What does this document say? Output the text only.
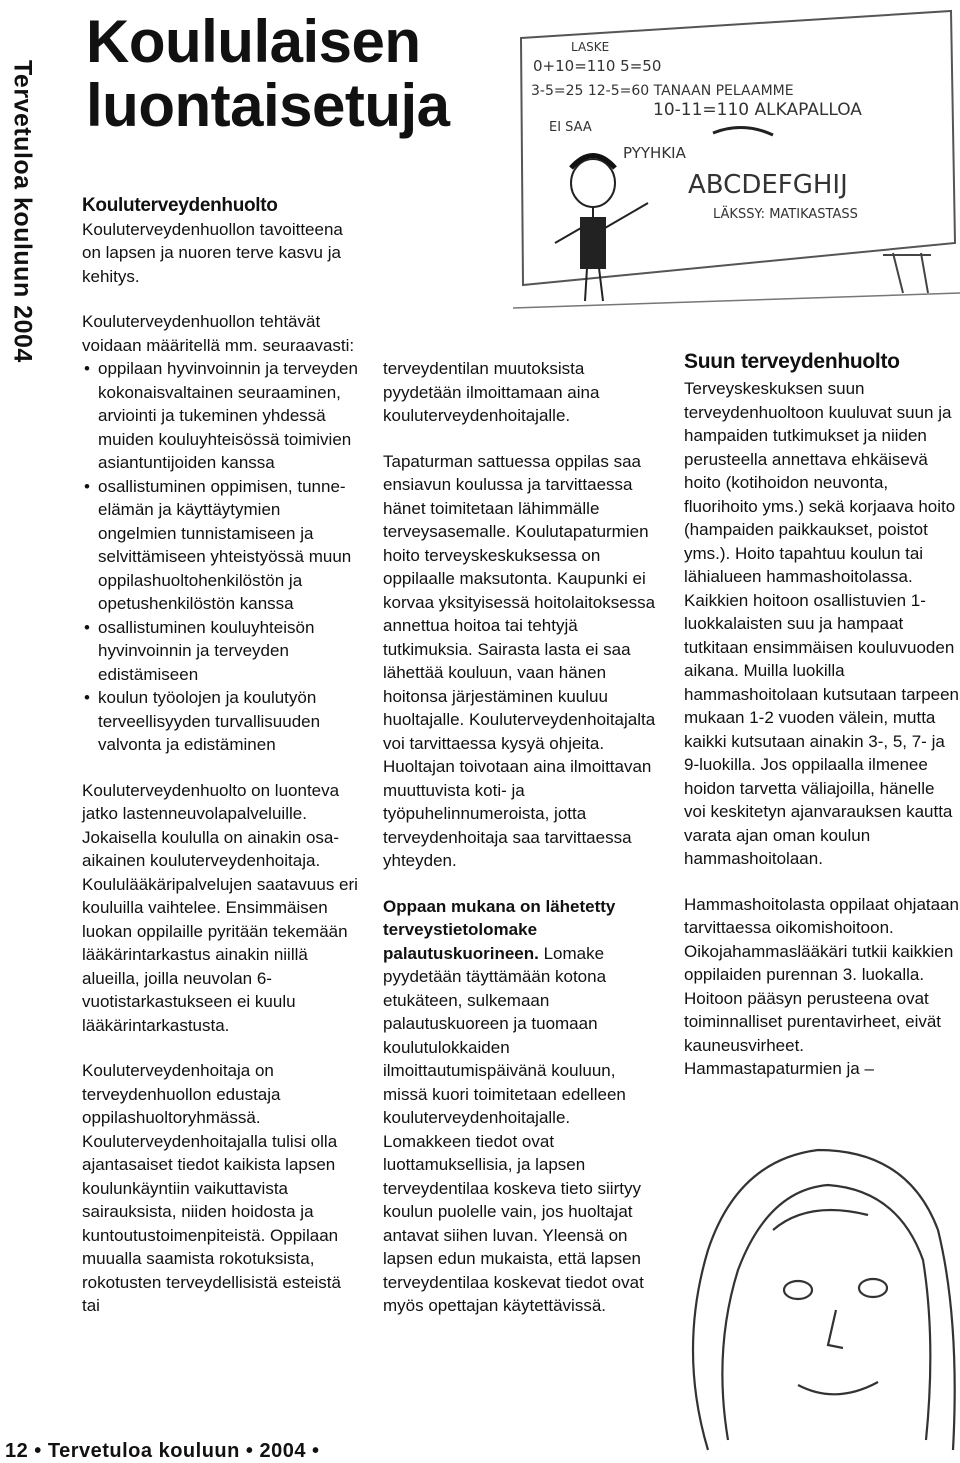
Tervetuloa kouluun 2004
Koululaisen
luontaisetuja
LASKE
0+10=110 5=50
3-5=25 12-5=60 TANAAN PELAAMME
10-11=110 ALKAPALLOA
EI SAA
PYYHKIA
ABCDEFGHIJ
LÄKSSY: MATIKASTASS

Kouluterveydenhuolto

Kouluterveydenhuollon tavoitteena on lapsen ja nuoren terve kasvu ja kehitys.

Kouluterveydenhuollon tehtävät voidaan määritellä mm. seuraavasti:

• oppilaan hyvinvoinnin ja terveyden kokonaisvaltainen seuraaminen, arviointi ja tukeminen yhdessä muiden kouluyhteisössä toimivien asiantuntijoiden kanssa
• osallistuminen oppimisen, tunne-elämän ja käyttäytymien ongelmien tunnistamiseen ja selvittämiseen yhteistyössä muun oppilashuoltohenkilöstön ja opetushenkilöstön kanssa
• osallistuminen kouluyhteisön hyvinvoinnin ja terveyden edistämiseen
• koulun työolojen ja koulutyön terveellisyyden turvallisuuden valvonta ja edistäminen

Kouluterveydenhuolto on luonteva jatko lastenneuvolapalveluille. Jokaisella koululla on ainakin osa-aikainen kouluterveydenhoitaja. Koululääkäripalvelujen saatavuus eri kouluilla vaihtelee. Ensimmäisen luokan oppilaille pyritään tekemään lääkärintarkastus ainakin niillä alueilla, joilla neuvolan 6-vuotistarkastukseen ei kuulu lääkärintarkastusta.

Kouluterveydenhoitaja on terveydenhuollon edustaja oppilashuoltoryhmässä. Kouluterveydenhoitajalla tulisi olla ajantasaiset tiedot kaikista lapsen koulunkäyntiin vaikuttavista sairauksista, niiden hoidosta ja kuntoutustoimenpiteistä. Oppilaan muualla saamista rokotuksista, rokotusten terveydellisistä esteistä tai

terveydentilan muutoksista pyydetään ilmoittamaan aina kouluterveydenhoitajalle.

Tapaturman sattuessa oppilas saa ensiavun koulussa ja tarvittaessa hänet toimitetaan lähimmälle terveysasemalle. Koulutapaturmien hoito terveyskeskuksessa on oppilaalle maksutonta. Kaupunki ei korvaa yksityisessä hoitolaitoksessa annettua hoitoa tai tehtyjä tutkimuksia. Sairasta lasta ei saa lähettää kouluun, vaan hänen hoitonsa järjestäminen kuuluu huoltajalle. Kouluterveydenhoitajalta voi tarvittaessa kysyä ohjeita. Huoltajan toivotaan aina ilmoittavan muuttuvista koti- ja työpuhelinnumeroista, jotta terveydenhoitaja saa tarvittaessa yhteyden.

Oppaan mukana on lähetetty terveystietolomake palautuskuorineen. Lomake pyydetään täyttämään kotona etukäteen, sulkemaan palautuskuoreen ja tuomaan koulutulokkaiden ilmoittautumispäivänä kouluun, missä kuori toimitetaan edelleen kouluterveydenhoitajalle. Lomakkeen tiedot ovat luottamuksellisia, ja lapsen terveydentilaa koskeva tieto siirtyy koulun puolelle vain, jos huoltajat antavat siihen luvan. Yleensä on lapsen edun mukaista, että lapsen terveydentilaa koskevat tiedot ovat myös opettajan käytettävissä.

Suun terveydenhuolto

Terveyskeskuksen suun terveydenhuoltoon kuuluvat suun ja hampaiden tutkimukset ja niiden perusteella annettava ehkäisevä hoito (kotihoidon neuvonta, fluorihoito yms.) sekä korjaava hoito (hampaiden paikkaukset, poistot yms.). Hoito tapahtuu koulun tai lähialueen hammashoitolassa. Kaikkien hoitoon osallistuvien 1-luokkalaisten suu ja hampaat tutkitaan ensimmäisen kouluvuoden aikana. Muilla luokilla hammashoitolaan kutsutaan tarpeen mukaan 1-2 vuoden välein, mutta kaikki kutsutaan ainakin 3-, 5, 7- ja 9-luokilla. Jos oppilaalla ilmenee hoidon tarvetta väliajoilla, hänelle voi keskitetyn ajanvarauksen kautta varata ajan oman koulun hammashoitolaan.

Hammashoitolasta oppilaat ohjataan tarvittaessa oikomishoitoon. Oikojahammaslääkäri tutkii kaikkien oppilaiden purennan 3. luokalla. Hoitoon pääsyn perusteena ovat toiminnalliset purentavirheet, eivät kauneusvirheet. Hammastapaturmien ja –

12 • Tervetuloa kouluun • 2004 •
